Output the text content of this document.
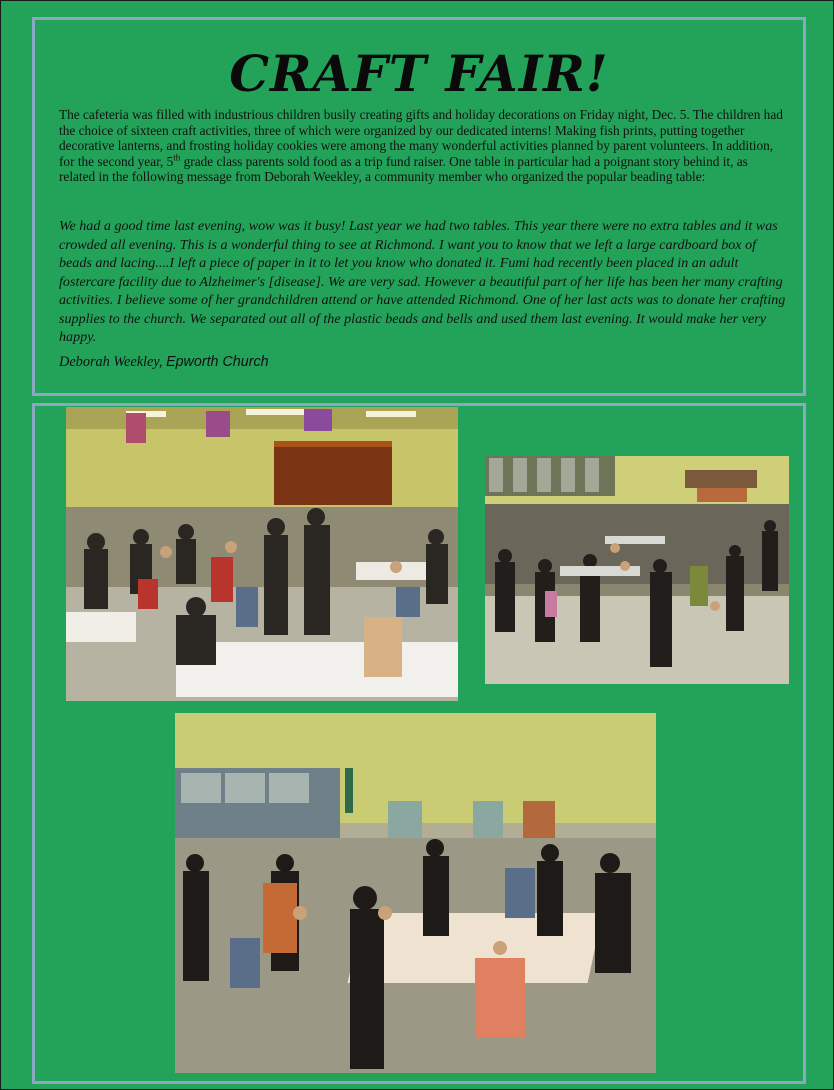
CRAFT FAIR!

The cafeteria was filled with industrious children busily creating gifts and holiday decorations on Friday night, Dec. 5. The children had the choice of sixteen craft activities, three of which were organized by our dedicated interns! Making fish prints, putting together decorative lanterns, and frosting holiday cookies were among the many wonderful activities planned by parent volunteers. In addition, for the second year, 5th grade class parents sold food as a trip fund raiser. One table in particular had a poignant story behind it, as related in the following message from Deborah Weekley, a community member who organized the popular beading table:

We had a good time last evening, wow was it busy! Last year we had two tables. This year there were no extra tables and it was crowded all evening. This is a wonderful thing to see at Richmond. I want you to know that we left a large cardboard box of beads and lacing....I left a piece of paper in it to let you know who donated it. Fumi had recently been placed in an adult fostercare facility due to Alzheimer's [disease]. We are very sad. However a beautiful part of her life has been her many crafting activities. I believe some of her grandchildren attend or have attended Richmond. One of her last acts was to donate her crafting supplies to the church. We separated out all of the plastic beads and bells and used them last evening. It would make her very happy.

Deborah Weekley, Epworth Church
